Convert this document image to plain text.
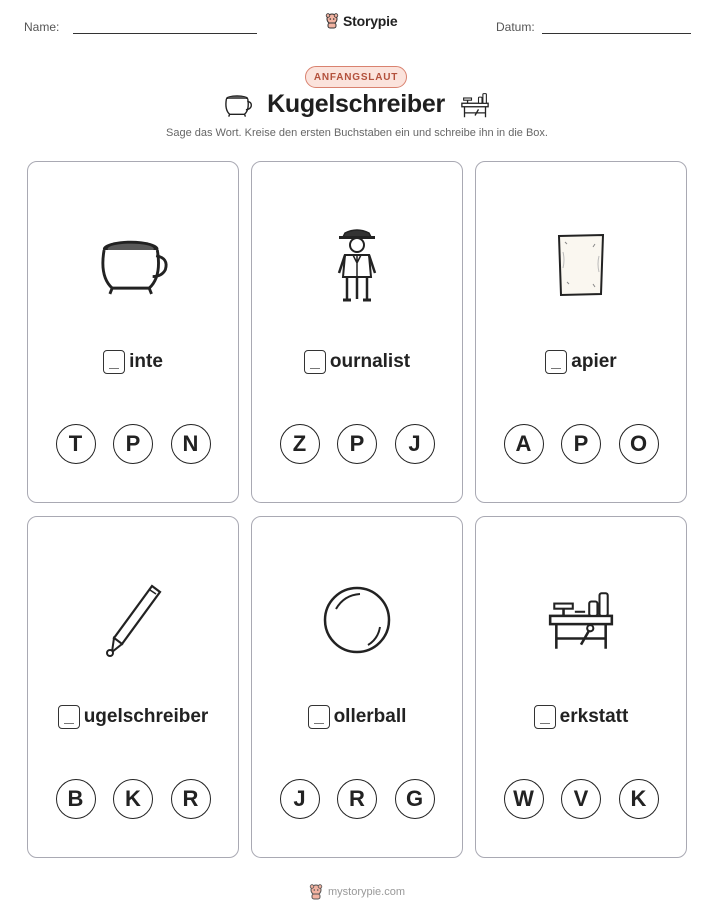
Name:	Storypie	Datum:
ANFANGSLAUT
Kugelschreiber
Sage das Wort. Kreise den ersten Buchstaben ein und schreibe ihn in die Box.
inte
T	P	N
ournalist
Z	P	J
apier
A	P	O
ugelschreiber
B	K	R
ollerball
J	R	G
erkstatt
W	V	K
mystorypie.com
